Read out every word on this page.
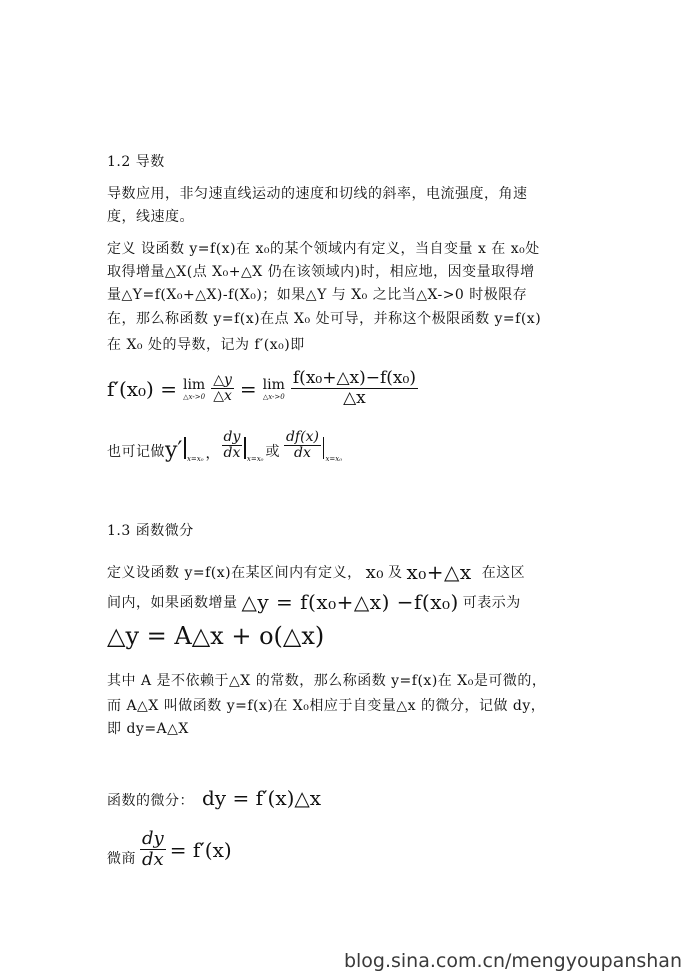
1.2 导数
导数应用，非匀速直线运动的速度和切线的斜率，电流强度，角速
度，线速度。
定义 设函数 y=f(x)在 x₀的某个领域内有定义，当自变量 x 在 x₀处
取得增量△X(点 X₀+△X 仍在该领域内)时，相应地，因变量取得增
量△Y=f(X₀+△X)-f(X₀)；如果△Y 与 X₀ 之比当△X->0 时极限存
在，那么称函数 y=f(x)在点 X₀ 处可导，并称这个极限函数 y=f(x)
在 X₀ 处的导数，记为 f′(x₀)即
f′(x₀) = lim
△x->0 $\frac{\triangle y}{\triangle x} = \lim$
△x->0 $\frac{\text{f(x₀+△x)−f(x₀)}}{\triangle x}$
也可记做 y′ x=x₀ ， $\frac{dy}{dx} x=x_0$ 或 $\frac{df(x)}{dx} x=x_0$
1.3 函数微分
定义设函数 y=f(x)在某区间内有定义， x₀ 及 x₀+△x 在这区
间内，如果函数增量 △y = f(x₀+△x) −f(x₀) 可表示为
△y = A△x + o(△x)
其中 A 是不依赖于△X 的常数，那么称函数 y=f(x)在 X₀是可微的，
而 A△X 叫做函数 y=f(x)在 X₀相应于自变量△x 的微分，记做 dy，
即 dy=A△X
函数的微分： dy = f′(x)△x
微商 $\frac{dy}{dx} = f'(x)$
blog.sina.com.cn/mengyoupanshan
